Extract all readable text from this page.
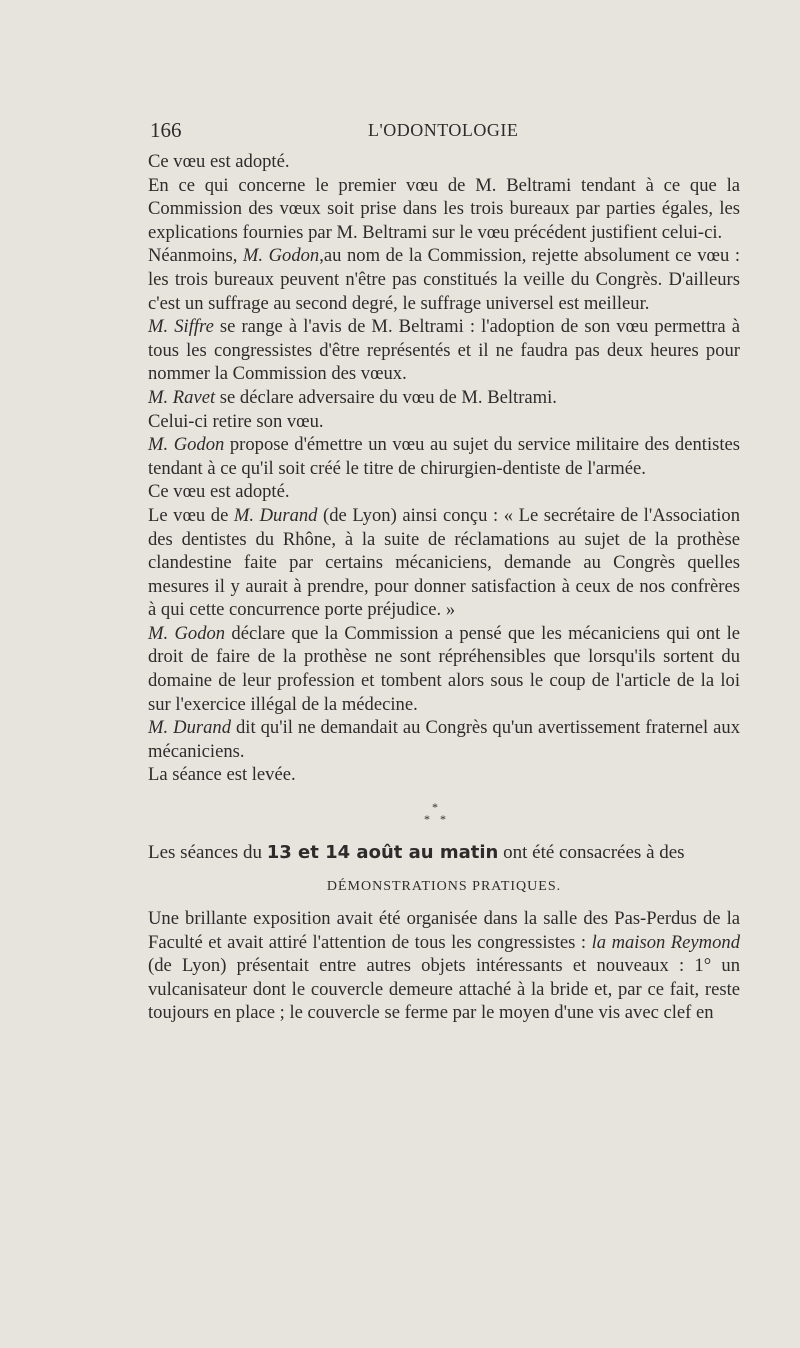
166	L'ODONTOLOGIE

Ce vœu est adopté.

En ce qui concerne le premier vœu de M. Beltrami tendant à ce que la Commission des vœux soit prise dans les trois bureaux par parties égales, les explications fournies par M. Beltrami sur le vœu précédent justifient celui-ci.

Néanmoins, M. Godon,au nom de la Commission, rejette absolument ce vœu : les trois bureaux peuvent n'être pas constitués la veille du Congrès. D'ailleurs c'est un suffrage au second degré, le suffrage universel est meilleur.

M. Siffre se range à l'avis de M. Beltrami : l'adoption de son vœu permettra à tous les congressistes d'être représentés et il ne faudra pas deux heures pour nommer la Commission des vœux.

M. Ravet se déclare adversaire du vœu de M. Beltrami.

Celui-ci retire son vœu.

M. Godon propose d'émettre un vœu au sujet du service militaire des dentistes tendant à ce qu'il soit créé le titre de chirurgien-dentiste de l'armée.

Ce vœu est adopté.

Le vœu de M. Durand (de Lyon) ainsi conçu : « Le secrétaire de l'Association des dentistes du Rhône, à la suite de réclamations au sujet de la prothèse clandestine faite par certains mécaniciens, demande au Congrès quelles mesures il y aurait à prendre, pour donner satisfaction à ceux de nos confrères à qui cette concurrence porte préjudice. »

M. Godon déclare que la Commission a pensé que les mécaniciens qui ont le droit de faire de la prothèse ne sont répréhensibles que lorsqu'ils sortent du domaine de leur profession et tombent alors sous le coup de l'article de la loi sur l'exercice illégal de la médecine.

M. Durand dit qu'il ne demandait au Congrès qu'un avertissement fraternel aux mécaniciens.

La séance est levée.

*
* *

Les séances du 13 et 14 août au matin ont été consacrées à des

DÉMONSTRATIONS PRATIQUES.

Une brillante exposition avait été organisée dans la salle des Pas-Perdus de la Faculté et avait attiré l'attention de tous les congressistes : la maison Reymond (de Lyon) présentait entre autres objets intéressants et nouveaux : 1° un vulcanisateur dont le couvercle demeure attaché à la bride et, par ce fait, reste toujours en place ; le couvercle se ferme par le moyen d'une vis avec clef en
